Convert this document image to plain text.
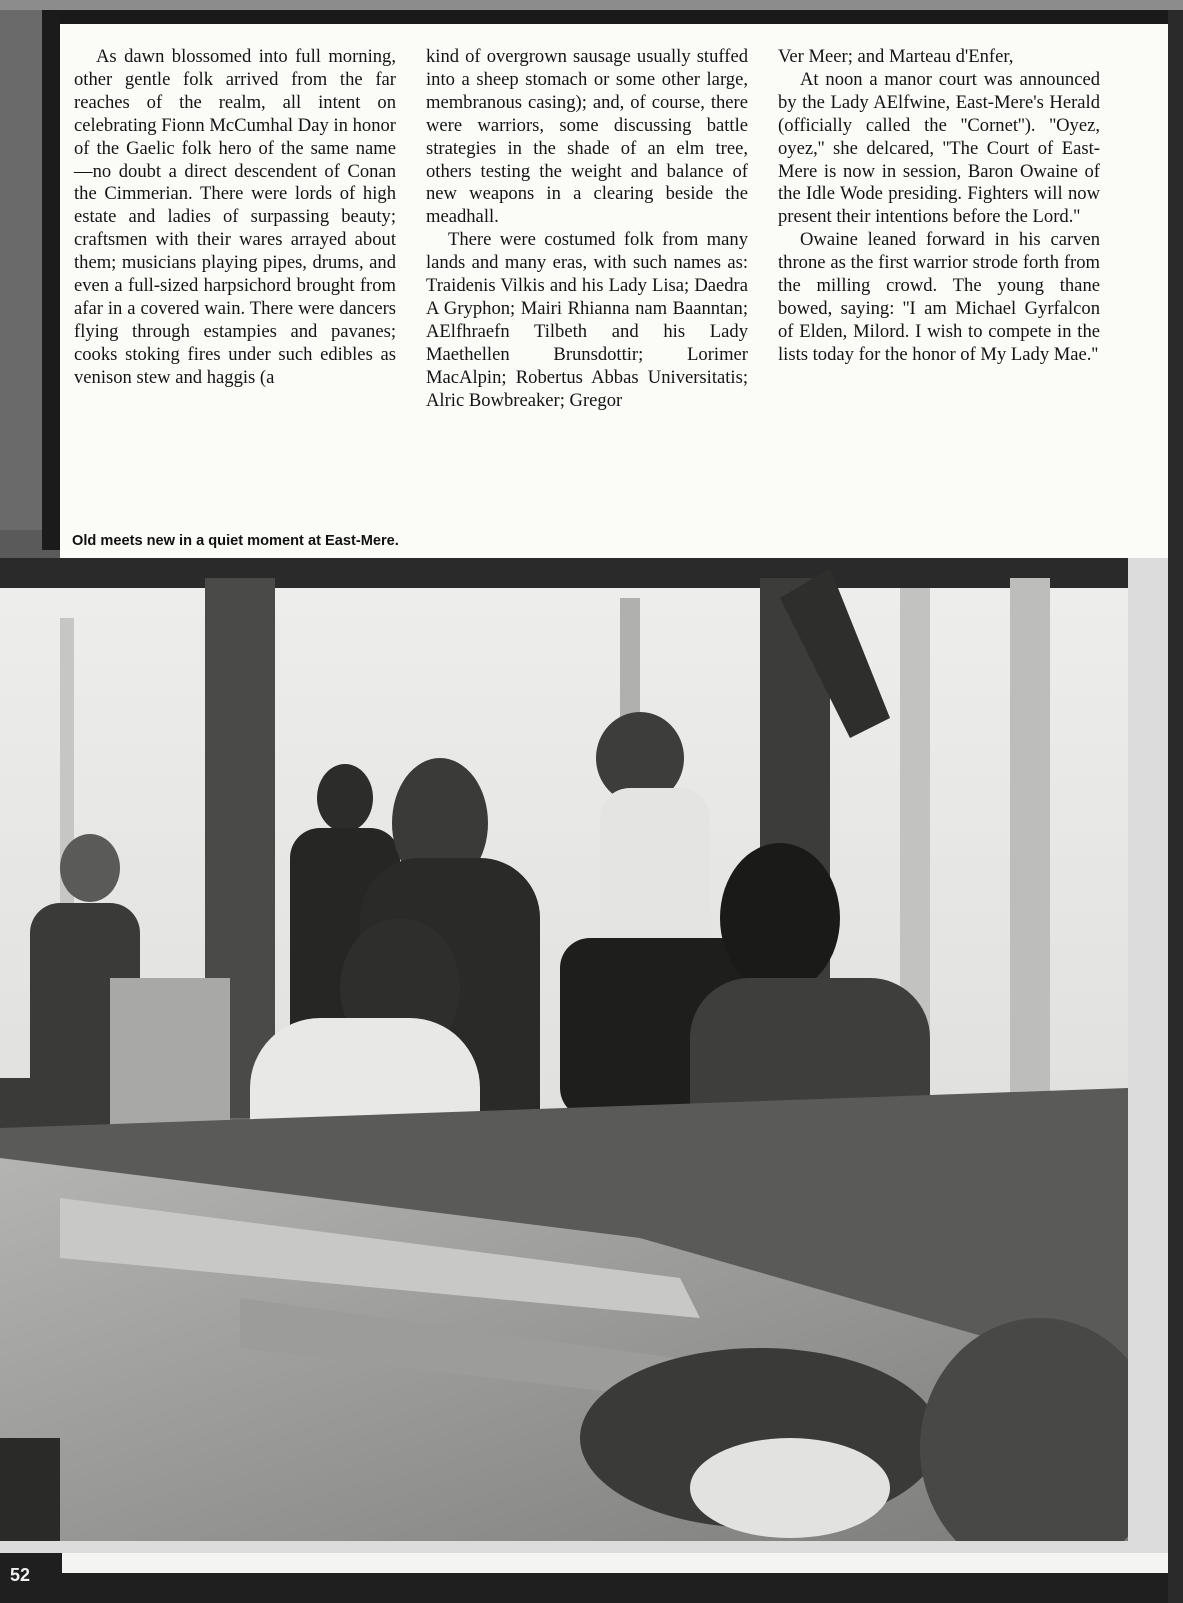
As dawn blossomed into full morning, other gentle folk arrived from the far reaches of the realm, all intent on celebrating Fionn McCumhal Day in honor of the Gaelic folk hero of the same name—no doubt a direct descendent of Conan the Cimmerian. There were lords of high estate and ladies of surpassing beauty; craftsmen with their wares arrayed about them; musicians playing pipes, drums, and even a full-sized harpsichord brought from afar in a covered wain. There were dancers flying through estampies and pavanes; cooks stoking fires under such edibles as venison stew and haggis (a

kind of overgrown sausage usually stuffed into a sheep stomach or some other large, membranous casing); and, of course, there were warriors, some discussing battle strategies in the shade of an elm tree, others testing the weight and balance of new weapons in a clearing beside the meadhall.

There were costumed folk from many lands and many eras, with such names as: Traidenis Vilkis and his Lady Lisa; Daedra A Gryphon; Mairi Rhianna nam Baanntan; AElfhraefn Tilbeth and his Lady Maethellen Brunsdottir; Lorimer MacAlpin; Robertus Abbas Universitatis; Alric Bowbreaker; Gregor

Ver Meer; and Marteau d'Enfer,

At noon a manor court was announced by the Lady AElfwine, East-Mere's Herald (officially called the ''Cornet''). ''Oyez, oyez,'' she delcared, ''The Court of East-Mere is now in session, Baron Owaine of the Idle Wode presiding. Fighters will now present their intentions before the Lord.''

Owaine leaned forward in his carven throne as the first warrior strode forth from the milling crowd. The young thane bowed, saying: ''I am Michael Gyrfalcon of Elden, Milord. I wish to compete in the lists today for the honor of My Lady Mae.''

Old meets new in a quiet moment at East-Mere.
52
